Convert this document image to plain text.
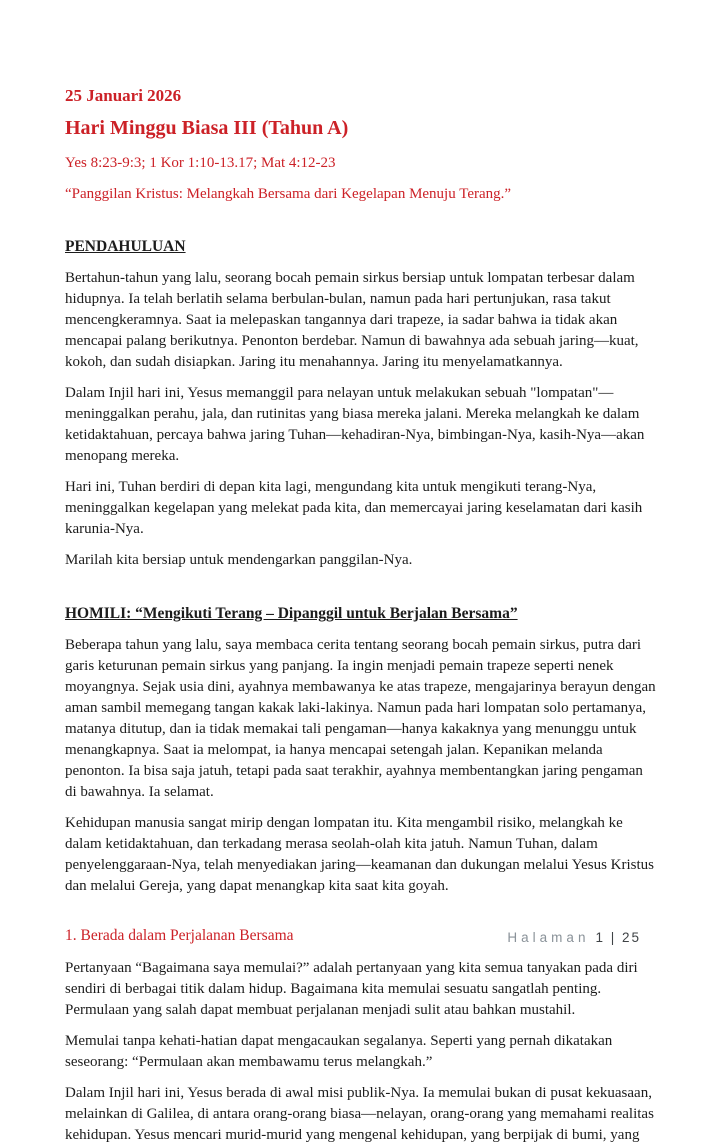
25 Januari 2026
Hari Minggu Biasa III (Tahun A)

Yes 8:23-9:3; 1 Kor 1:10-13.17; Mat 4:12-23

“Panggilan Kristus: Melangkah Bersama dari Kegelapan Menuju Terang.”

PENDAHULUAN

Bertahun-tahun yang lalu, seorang bocah pemain sirkus bersiap untuk lompatan terbesar dalam hidupnya. Ia telah berlatih selama berbulan-bulan, namun pada hari pertunjukan, rasa takut mencengkeramnya. Saat ia melepaskan tangannya dari trapeze, ia sadar bahwa ia tidak akan mencapai palang berikutnya. Penonton berdebar. Namun di bawahnya ada sebuah jaring—kuat, kokoh, dan sudah disiapkan. Jaring itu menahannya. Jaring itu menyelamatkannya.

Dalam Injil hari ini, Yesus memanggil para nelayan untuk melakukan sebuah "lompatan"—meninggalkan perahu, jala, dan rutinitas yang biasa mereka jalani. Mereka melangkah ke dalam ketidaktahuan, percaya bahwa jaring Tuhan—kehadiran-Nya, bimbingan-Nya, kasih-Nya—akan menopang mereka.

Hari ini, Tuhan berdiri di depan kita lagi, mengundang kita untuk mengikuti terang-Nya, meninggalkan kegelapan yang melekat pada kita, dan memercayai jaring keselamatan dari kasih karunia-Nya.

Marilah kita bersiap untuk mendengarkan panggilan-Nya.

HOMILI: “Mengikuti Terang – Dipanggil untuk Berjalan Bersama”

Beberapa tahun yang lalu, saya membaca cerita tentang seorang bocah pemain sirkus, putra dari garis keturunan pemain sirkus yang panjang. Ia ingin menjadi pemain trapeze seperti nenek moyangnya. Sejak usia dini, ayahnya membawanya ke atas trapeze, mengajarinya berayun dengan aman sambil memegang tangan kakak laki-lakinya. Namun pada hari lompatan solo pertamanya, matanya ditutup, dan ia tidak memakai tali pengaman—hanya kakaknya yang menunggu untuk menangkapnya. Saat ia melompat, ia hanya mencapai setengah jalan. Kepanikan melanda penonton. Ia bisa saja jatuh, tetapi pada saat terakhir, ayahnya membentangkan jaring pengaman di bawahnya. Ia selamat.

Kehidupan manusia sangat mirip dengan lompatan itu. Kita mengambil risiko, melangkah ke dalam ketidaktahuan, dan terkadang merasa seolah-olah kita jatuh. Namun Tuhan, dalam penyelenggaraan-Nya, telah menyediakan jaring—keamanan dan dukungan melalui Yesus Kristus dan melalui Gereja, yang dapat menangkap kita saat kita goyah.

1. Berada dalam Perjalanan Bersama

Pertanyaan “Bagaimana saya memulai?” adalah pertanyaan yang kita semua tanyakan pada diri sendiri di berbagai titik dalam hidup. Bagaimana kita memulai sesuatu sangatlah penting. Permulaan yang salah dapat membuat perjalanan menjadi sulit atau bahkan mustahil.

Memulai tanpa kehati-hatian dapat mengacaukan segalanya. Seperti yang pernah dikatakan seseorang: “Permulaan akan membawamu terus melangkah.”

Dalam Injil hari ini, Yesus berada di awal misi publik-Nya. Ia memulai bukan di pusat kekuasaan, melainkan di Galilea, di antara orang-orang biasa—nelayan, orang-orang yang memahami realitas kehidupan. Yesus mencari murid-murid yang mengenal kehidupan, yang berpijak di bumi, yang

Halaman 1 | 25
